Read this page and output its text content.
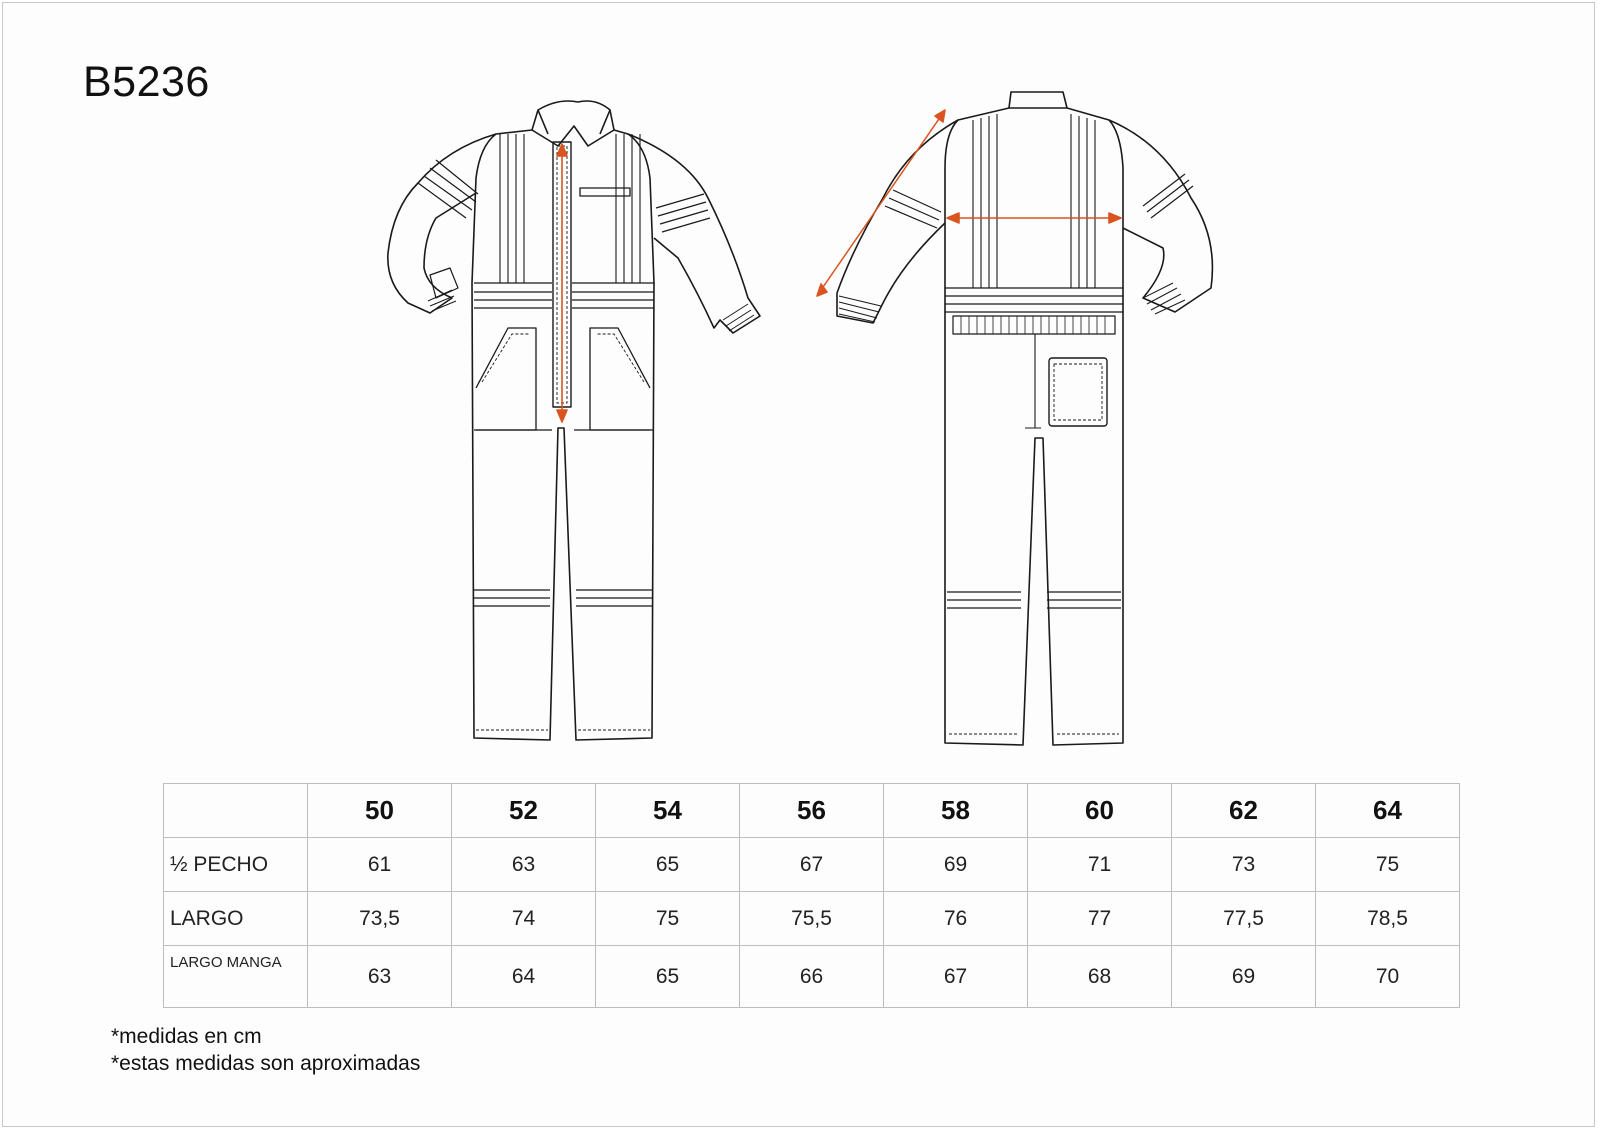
B5236
	50	52	54	56	58	60	62	64
½ PECHO	61	63	65	67	69	71	73	75
LARGO	73,5	74	75	75,5	76	77	77,5	78,5
LARGO MANGA	63	64	65	66	67	68	69	70
*medidas en cm
*estas medidas son aproximadas
